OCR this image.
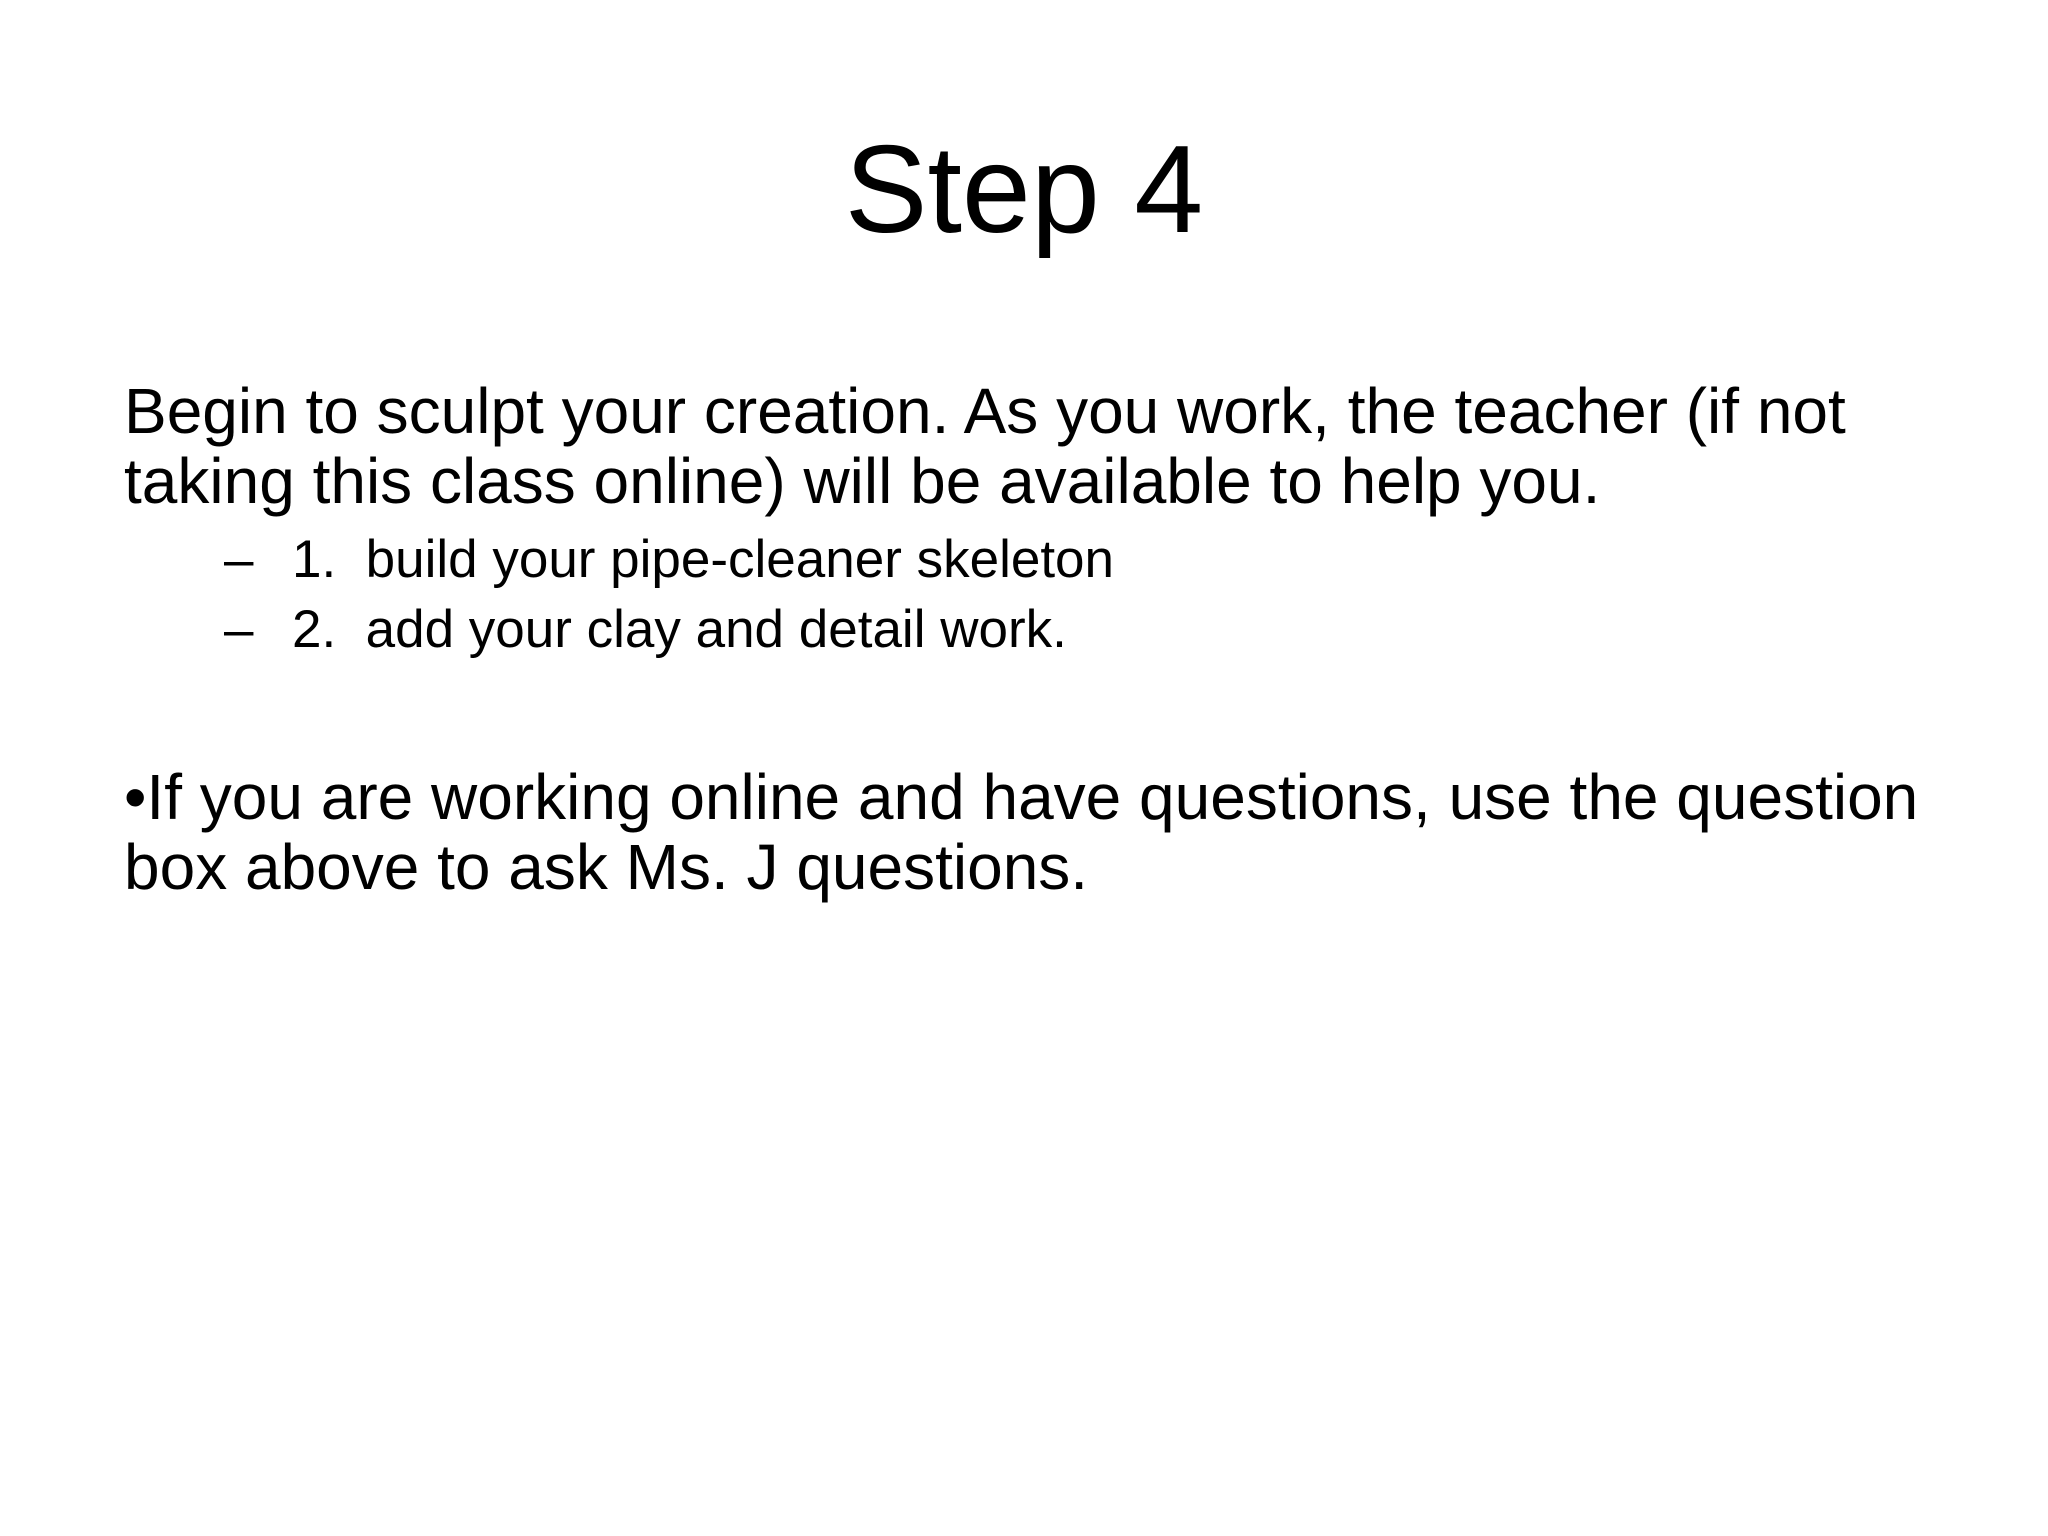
Step 4

Begin to sculpt your creation. As you work, the teacher (if not taking this class online) will be available to help you.

– 1.  build your pipe-cleaner skeleton
– 2.  add your clay and detail work.

•If you are working online and have questions, use the question box above to ask Ms. J questions.
